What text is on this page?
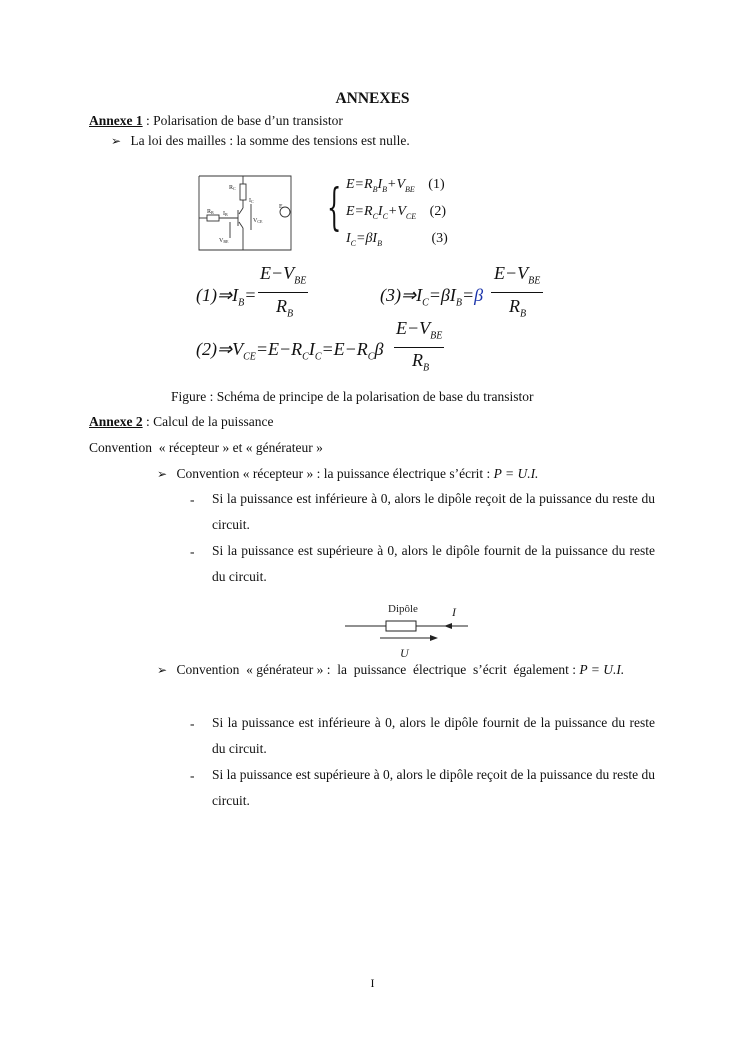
ANNEXES
Annexe 1 : Polarisation de base d’un transistor
➢ La loi des mailles : la somme des tensions est nulle.
RC
IC
RB IB
E
VCE
VBE
{ $E=R_BI_B+V_{BE}$ (1)
$E=R_CI_C+V_{CE}$ (2)
$I_C=\beta I_B$	(3)
$(1)\Rightarrow I_B=$
$E-V_{BE}$
$R_B$
$(3)\Rightarrow I_C=\beta I_B=\beta$
$E-V_{BE}$
$R_B$
$(2)\Rightarrow V_{CE}=E-R_CI_C=E-R_C\beta$
$E-V_{BE}$
$R_B$
Figure : Schéma de principe de la polarisation de base du transistor
Annexe 2 : Calcul de la puissance
Convention  « récepteur » et « générateur »
➢ Convention « récepteur » : la puissance électrique s’écrit : P = U.I.
- Si la puissance est inférieure à 0, alors le dipôle reçoit de la puissance du reste du circuit.
- Si la puissance est supérieure à 0, alors le dipôle fournit de la puissance du reste du circuit.
Dipôle	I
U
➢ Convention  « générateur » :  la  puissance  électrique  s’écrit  également : P = U.I.
- Si la puissance est inférieure à 0, alors le dipôle fournit de la puissance du reste du circuit.
- Si la puissance est supérieure à 0, alors le dipôle reçoit de la puissance du reste du circuit.
I
